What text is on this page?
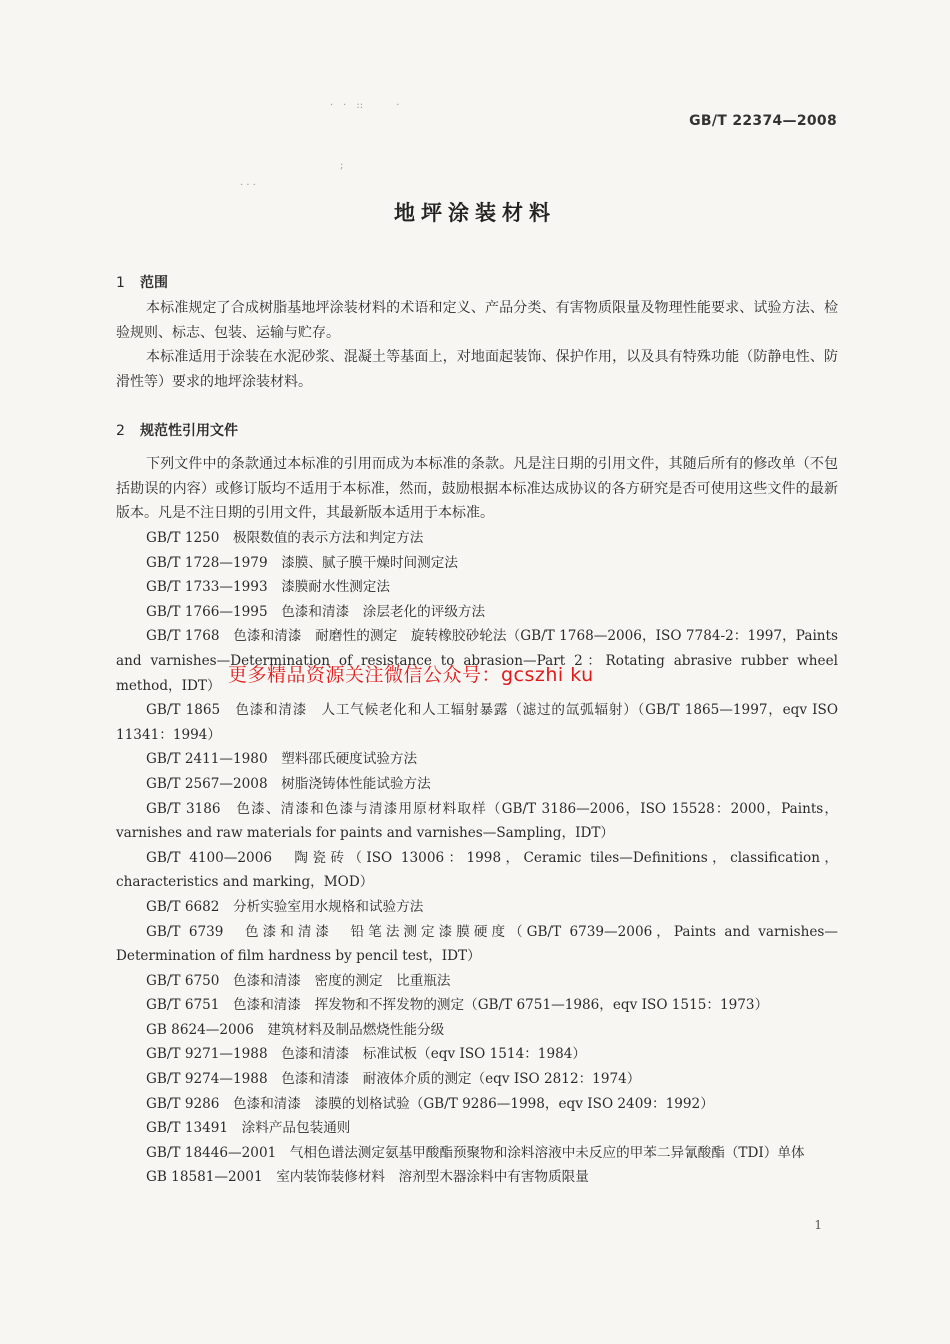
·　·　:: 　　　·
;
· · ·
GB/T 22374—2008
地坪涂装材料
1 范围

本标准规定了合成树脂基地坪涂装材料的术语和定义、产品分类、有害物质限量及物理性能要求、试验方法、检验规则、标志、包装、运输与贮存。

本标准适用于涂装在水泥砂浆、混凝土等基面上，对地面起装饰、保护作用，以及具有特殊功能（防静电性、防滑性等）要求的地坪涂装材料。

2 规范性引用文件

下列文件中的条款通过本标准的引用而成为本标准的条款。凡是注日期的引用文件，其随后所有的修改单（不包括勘误的内容）或修订版均不适用于本标准，然而，鼓励根据本标准达成协议的各方研究是否可使用这些文件的最新版本。凡是不注日期的引用文件，其最新版本适用于本标准。

GB/T 1250　极限数值的表示方法和判定方法

GB/T 1728—1979　漆膜、腻子膜干燥时间测定法

GB/T 1733—1993　漆膜耐水性测定法

GB/T 1766—1995　色漆和清漆　涂层老化的评级方法

GB/T 1768　色漆和清漆　耐磨性的测定　旋转橡胶砂轮法（GB/T 1768—2006，ISO 7784-2：1997，Paints and varnishes—Determination of resistance to abrasion—Part 2：Rotating abrasive rubber wheel method，IDT）

GB/T 1865　色漆和清漆　人工气候老化和人工辐射暴露（滤过的氙弧辐射）（GB/T 1865—1997，eqv ISO 11341：1994）

GB/T 2411—1980　塑料邵氏硬度试验方法

GB/T 2567—2008　树脂浇铸体性能试验方法

GB/T 3186　色漆、清漆和色漆与清漆用原材料取样（GB/T 3186—2006，ISO 15528：2000，Paints，varnishes and raw materials for paints and varnishes—Sampling，IDT）

GB/T 4100—2006　陶瓷砖（ISO 13006：1998，Ceramic tiles—Definitions，classification，characteristics and marking，MOD）

GB/T 6682　分析实验室用水规格和试验方法

GB/T 6739　色漆和清漆　铅笔法测定漆膜硬度（GB/T 6739—2006，Paints and varnishes—Determination of film hardness by pencil test，IDT）

GB/T 6750　色漆和清漆　密度的测定　比重瓶法

GB/T 6751　色漆和清漆　挥发物和不挥发物的测定（GB/T 6751—1986，eqv ISO 1515：1973）

GB 8624—2006　建筑材料及制品燃烧性能分级

GB/T 9271—1988　色漆和清漆　标准试板（eqv ISO 1514：1984）

GB/T 9274—1988　色漆和清漆　耐液体介质的测定（eqv ISO 2812：1974）

GB/T 9286　色漆和清漆　漆膜的划格试验（GB/T 9286—1998，eqv ISO 2409：1992）

GB/T 13491　涂料产品包装通则

GB/T 18446—2001　气相色谱法测定氨基甲酸酯预聚物和涂料溶液中未反应的甲苯二异氰酸酯（TDI）单体

GB 18581—2001　室内装饰装修材料　溶剂型木器涂料中有害物质限量

更多精品资源关注微信公众号：gcszhi ku
1
